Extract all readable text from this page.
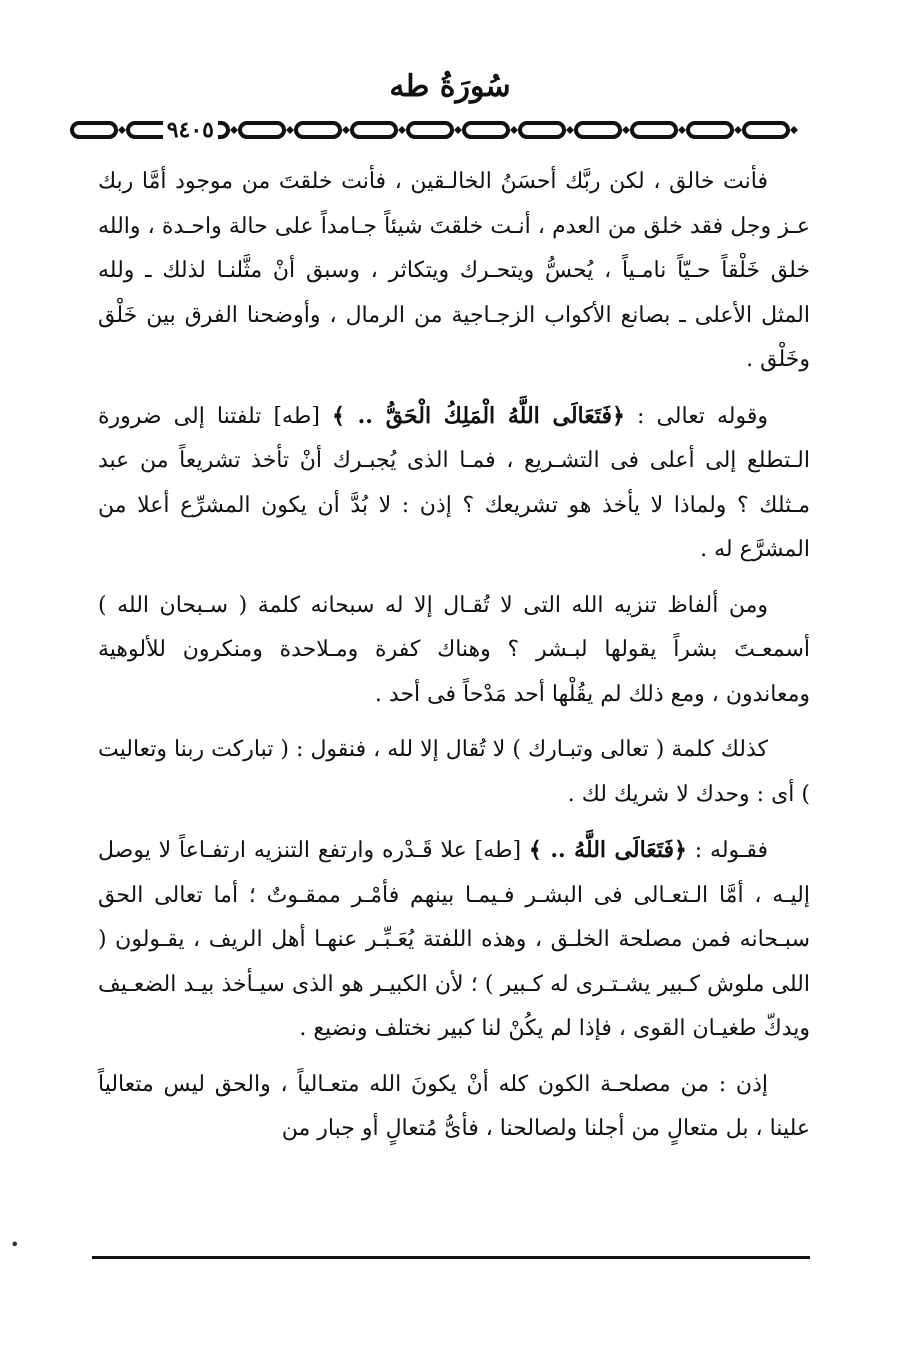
سُورَةُ طه
٩٤٠٥

فأنت خالق ، لكن ربَّك أحسَنُ الخالـقين ، فأنت خلقتَ من موجود أمَّا ربك عـز وجل فقد خلق من العدم ، أنـت خلقتَ شيئاً جـامداً على حالة واحـدة ، والله خلق خَلْقاً حـيّاً نامـياً ، يُحسُّ ويتحـرك ويتكاثر ، وسبق أنْ مثَّلنـا لذلك ـ ولله المثل الأعلى ـ بصانع الأكواب الزجـاجية من الرمال ، وأوضحنا الفرق بين خَلْق وخَلْق .

وقوله تعالى : ﴿فَتَعَالَى اللَّهُ الْمَلِكُ الْحَقُّ .. ﴾ [طه] تلفتنا إلى ضرورة الـتطلع إلى أعلى فى التشـريع ، فمـا الذى يُجبـرك أنْ تأخذ تشريعاً من عبد مـثلك ؟ ولماذا لا يأخذ هو تشريعك ؟ إذن : لا بُدَّ أن يكون المشرِّع أعلا من المشرَّع له .

ومن ألفاظ تنزيه الله التى لا تُقـال إلا له سبحانه كلمة ( سـبحان الله ) أسمعـتَ بشراً يقولها لبـشر ؟ وهناك كفرة ومـلاحدة ومنكرون للألوهية ومعاندون ، ومع ذلك لم يقُلْها أحد مَدْحاً فى أحد .

كذلك كلمة ( تعالى وتبـارك ) لا تُقال إلا لله ، فنقول : ( تباركت ربنا وتعاليت ) أى : وحدك لا شريك لك .

فقـوله : ﴿فَتَعَالَى اللَّهُ .. ﴾ [طه] علا قَـدْره وارتفع التنزيه ارتفـاعاً لا يوصل إليـه ، أمَّا الـتعـالى فى البشـر فـيمـا بينهم فأمْـر ممقـوتٌ ؛ أما تعالى الحق سبـحانه فمن مصلحة الخلـق ، وهذه اللفتة يُعَـبِّـر عنهـا أهل الريف ، يقـولون ( اللى ملوش كـبير يشـتـرى له كـبير ) ؛ لأن الكبيـر هو الذى سيـأخذ بيـد الضعـيف ويدكّ طغيـان القوى ، فإذا لم يكُنْ لنا كبير نختلف ونضيع .

إذن : من مصلحـة الكون كله أنْ يكونَ الله متعـالياً ، والحق ليس متعالياً علينا ، بل متعالٍ من أجلنا ولصالحنا ، فأىُّ مُتعالٍ أو جبار من

•
